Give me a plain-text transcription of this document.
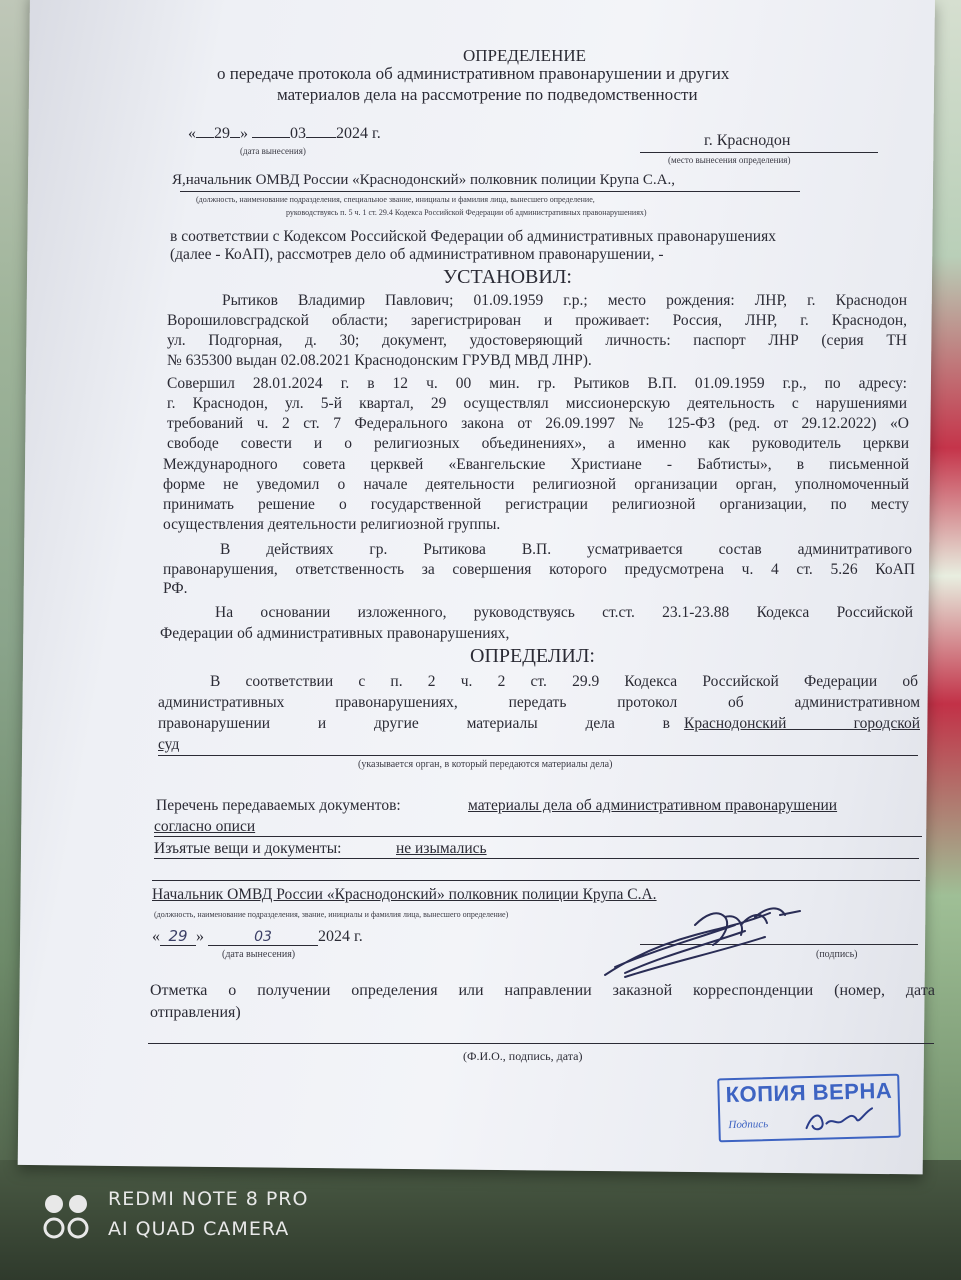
ОПРЕДЕЛЕНИЕ
о передаче протокола об административном правонарушении и других
материалов дела на рассмотрение по подведомственности
« 29 » 03 2024 г.
(дата вынесения)
г. Краснодон
(место вынесения определения)
Я,начальник ОМВД России «Краснодонский» полковник полиции Крупа С.А.,
(должность, наименование подразделения, специальное звание, инициалы и фамилия лица, вынесшего определение,
руководствуясь п. 5 ч. 1 ст. 29.4 Кодекса Российской Федерации об административных правонарушениях)
в соответствии с Кодексом Российской Федерации об административных правонарушениях
(далее - КоАП), рассмотрев дело об административном правонарушении, -
УСТАНОВИЛ:
Рытиков Владимир Павлович; 01.09.1959 г.р.; место рождения: ЛНР, г. Краснодон
Ворошиловсградской области; зарегистрирован и проживает: Россия, ЛНР, г. Краснодон,
ул. Подгорная, д. 30; документ, удостоверяющий личность: паспорт ЛНР (серия ТН
№ 635300 выдан 02.08.2021 Краснодонским ГРУВД МВД ЛНР).
Совершил 28.01.2024 г. в 12 ч. 00 мин. гр. Рытиков В.П. 01.09.1959 г.р., по адресу:
г. Краснодон, ул. 5-й квартал, 29 осуществлял миссионерскую деятельность с нарушениями
требований ч. 2 ст. 7 Федерального закона от 26.09.1997 № 125-ФЗ (ред. от 29.12.2022) «О
свободе совести и о религиозных объединениях», а именно как руководитель церкви
Международного совета церквей «Евангельские Христиане - Бабтисты», в письменной
форме не уведомил о начале деятельности религиозной организации орган, уполномоченный
принимать решение о государственной регистрации религиозной организации, по месту
осуществления деятельности религиозной группы.
В действиях гр. Рытикова В.П. усматривается состав админитративого
правонарушения, ответственность за совершения которого предусмотрена ч. 4 ст. 5.26 КоАП
РФ.
На основании изложенного, руководствуясь ст.ст. 23.1-23.88 Кодекса Российской
Федерации об административных правонарушениях,
ОПРЕДЕЛИЛ:
В соответствии с п. 2 ч. 2 ст. 29.9 Кодекса Российской Федерации об
административных правонарушениях, передать протокол об административном
правонарушении и другие материалы дела в Краснодонский городской
суд
(указывается орган, в который передаются материалы дела)
Перечень передаваемых документов:	материалы дела об административном правонарушении
согласно описи
Изъятые вещи и документы:	не изымались
Начальник ОМВД России «Краснодонский» полковник полиции Крупа С.А.
(должность, наименование подразделения, звание, инициалы и фамилия лица, вынесшего определение)
« 29 »	03	2024 г.
(дата вынесения)	(подпись)
Отметка о получении определения или направлении заказной корреспонденции (номер, дата
отправления)
(Ф.И.О., подпись, дата)
КОПИЯ ВЕРНА
Подпись
REDMI NOTE 8 PRO
AI QUAD CAMERA
